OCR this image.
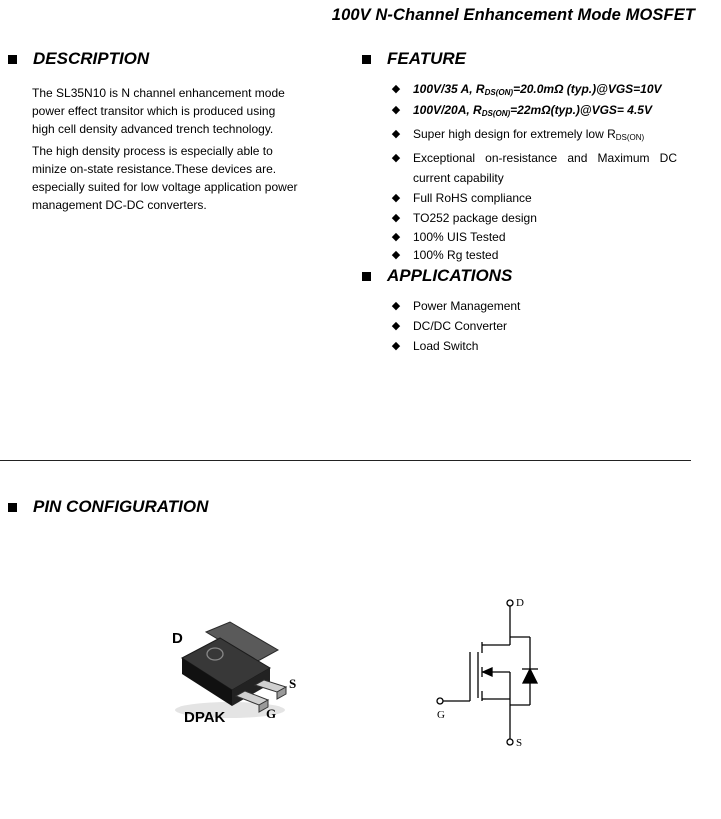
100V N-Channel Enhancement Mode MOSFET
DESCRIPTION

The SL35N10 is N channel enhancement mode
power effect transitor which is produced using
high cell density advanced trench technology.

The high density process is especially able to
minize on-state resistance.These devices are.

especially suited for low voltage application power
management DC-DC converters.

FEATURE
◆ 100V/35 A, $R_{DS(ON)}=20.0m\Omega$ (typ.)@VGS=10V
◆ 100V/20A, $R_{DS(ON)}=22m\Omega(typ.)@VGS= 4.5V$
◆ Super high design for extremely low $R_{DS(ON)}$
◆ Exceptional on-resistance and Maximum DC
current capability
◆ Full RoHS compliance
◆ TO252 package design
◆ 100% UIS Tested
◆ 100% Rg tested
APPLICATIONS
◆ Power Management
◆ DC/DC Converter
◆ Load Switch
PIN CONFIGURATION
D
S
G
DPAK
D
S
G
